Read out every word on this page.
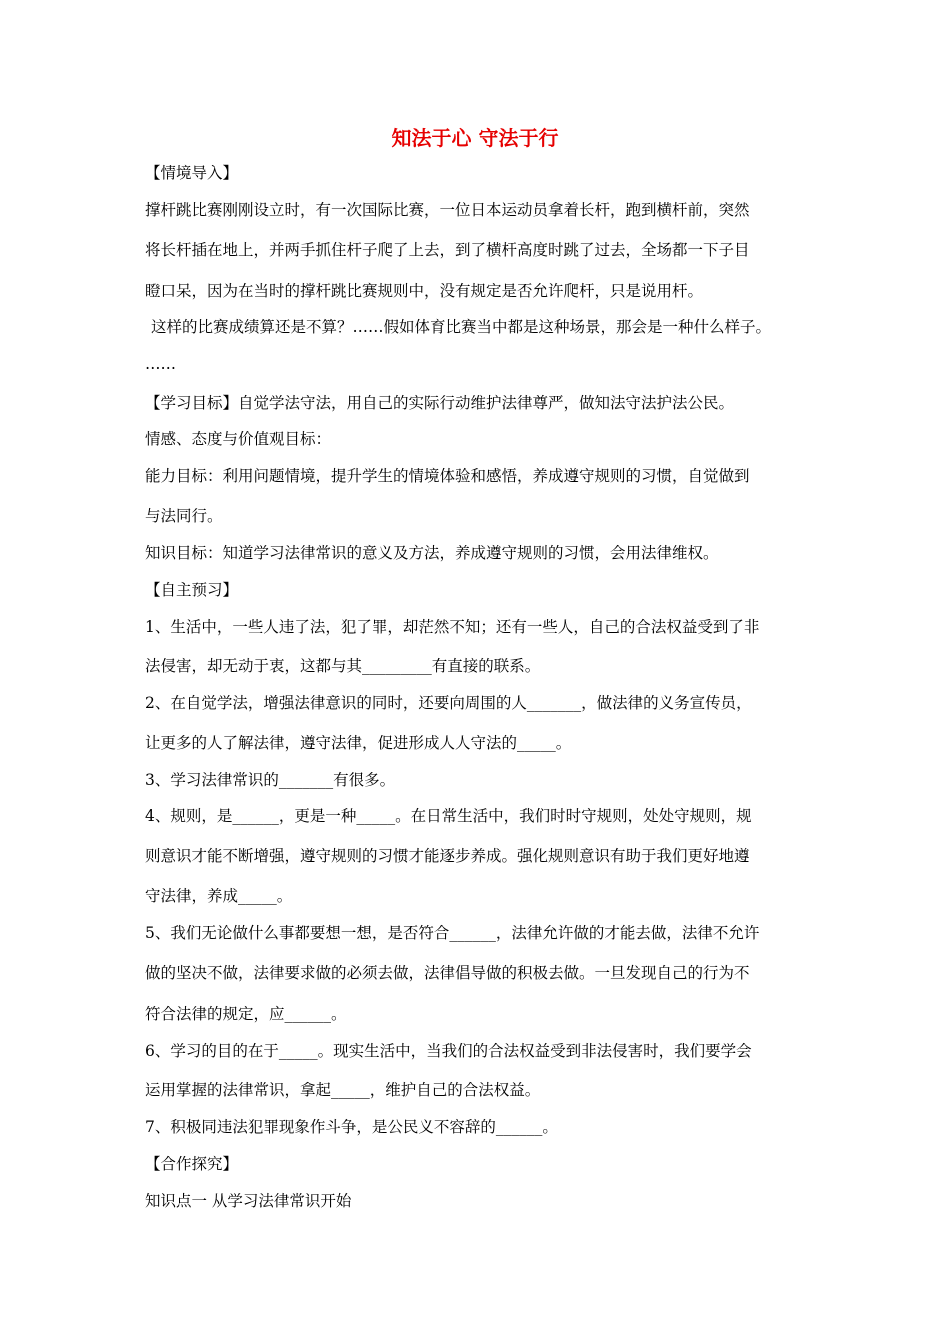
知法于心 守法于行
【情境导入】
撑杆跳比赛刚刚设立时，有一次国际比赛，一位日本运动员拿着长杆，跑到横杆前，突然
将长杆插在地上，并两手抓住杆子爬了上去，到了横杆高度时跳了过去，全场都一下子目
瞪口呆，因为在当时的撑杆跳比赛规则中，没有规定是否允许爬杆，只是说用杆。
这样的比赛成绩算还是不算？……假如体育比赛当中都是这种场景，那会是一种什么样子。
……
【学习目标】自觉学法守法，用自己的实际行动维护法律尊严，做知法守法护法公民。
情感、态度与价值观目标：
能力目标：利用问题情境，提升学生的情境体验和感悟，养成遵守规则的习惯，自觉做到
与法同行。
知识目标：知道学习法律常识的意义及方法，养成遵守规则的习惯，会用法律维权。
【自主预习】
1、生活中，一些人违了法，犯了罪，却茫然不知；还有一些人，自己的合法权益受到了非
法侵害，却无动于衷，这都与其_________有直接的联系。
2、在自觉学法，增强法律意识的同时，还要向周围的人_______，做法律的义务宣传员，
让更多的人了解法律，遵守法律，促进形成人人守法的_____。
3、学习法律常识的_______有很多。
4、规则，是______，更是一种_____。在日常生活中，我们时时守规则，处处守规则，规
则意识才能不断增强，遵守规则的习惯才能逐步养成。强化规则意识有助于我们更好地遵
守法律，养成_____。
5、我们无论做什么事都要想一想，是否符合______，法律允许做的才能去做，法律不允许
做的坚决不做，法律要求做的必须去做，法律倡导做的积极去做。一旦发现自己的行为不
符合法律的规定，应______。
6、学习的目的在于_____。现实生活中，当我们的合法权益受到非法侵害时，我们要学会
运用掌握的法律常识，拿起_____，维护自己的合法权益。
7、积极同违法犯罪现象作斗争，是公民义不容辞的______。
【合作探究】
知识点一 从学习法律常识开始
